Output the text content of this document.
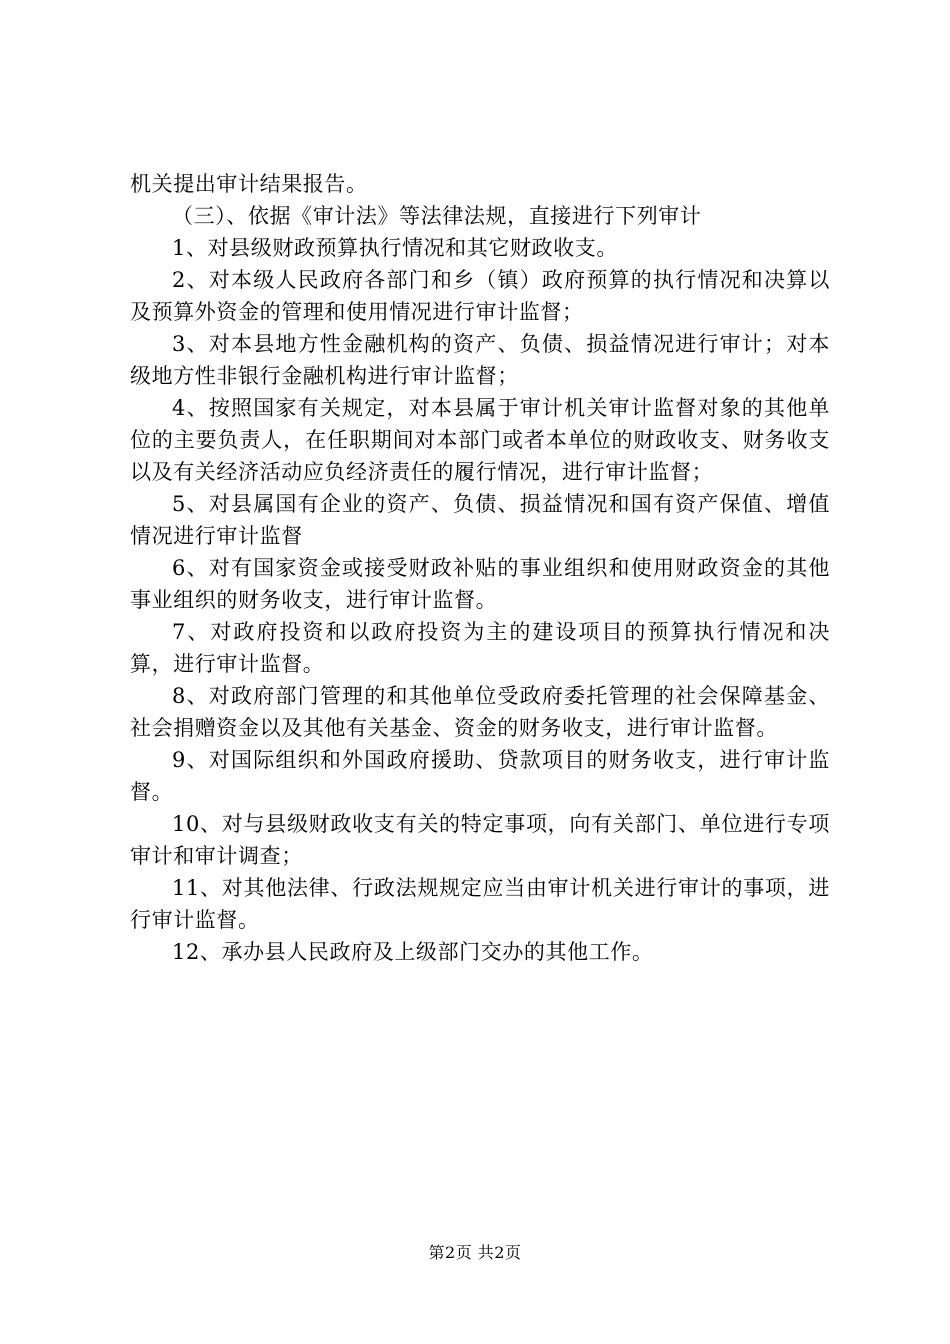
机关提出审计结果报告。

（三）、依据《审计法》等法律法规，直接进行下列审计

1、对县级财政预算执行情况和其它财政收支。

2、对本级人民政府各部门和乡（镇）政府预算的执行情况和决算以及预算外资金的管理和使用情况进行审计监督；

3、对本县地方性金融机构的资产、负债、损益情况进行审计；对本级地方性非银行金融机构进行审计监督；

4、按照国家有关规定，对本县属于审计机关审计监督对象的其他单位的主要负责人，在任职期间对本部门或者本单位的财政收支、财务收支以及有关经济活动应负经济责任的履行情况，进行审计监督；

5、对县属国有企业的资产、负债、损益情况和国有资产保值、增值情况进行审计监督

6、对有国家资金或接受财政补贴的事业组织和使用财政资金的其他事业组织的财务收支，进行审计监督。

7、对政府投资和以政府投资为主的建设项目的预算执行情况和决算，进行审计监督。

8、对政府部门管理的和其他单位受政府委托管理的社会保障基金、社会捐赠资金以及其他有关基金、资金的财务收支，进行审计监督。

9、对国际组织和外国政府援助、贷款项目的财务收支，进行审计监督。

10、对与县级财政收支有关的特定事项，向有关部门、单位进行专项审计和审计调查；

11、对其他法律、行政法规规定应当由审计机关进行审计的事项，进行审计监督。

12、承办县人民政府及上级部门交办的其他工作。

第2页 共2页
